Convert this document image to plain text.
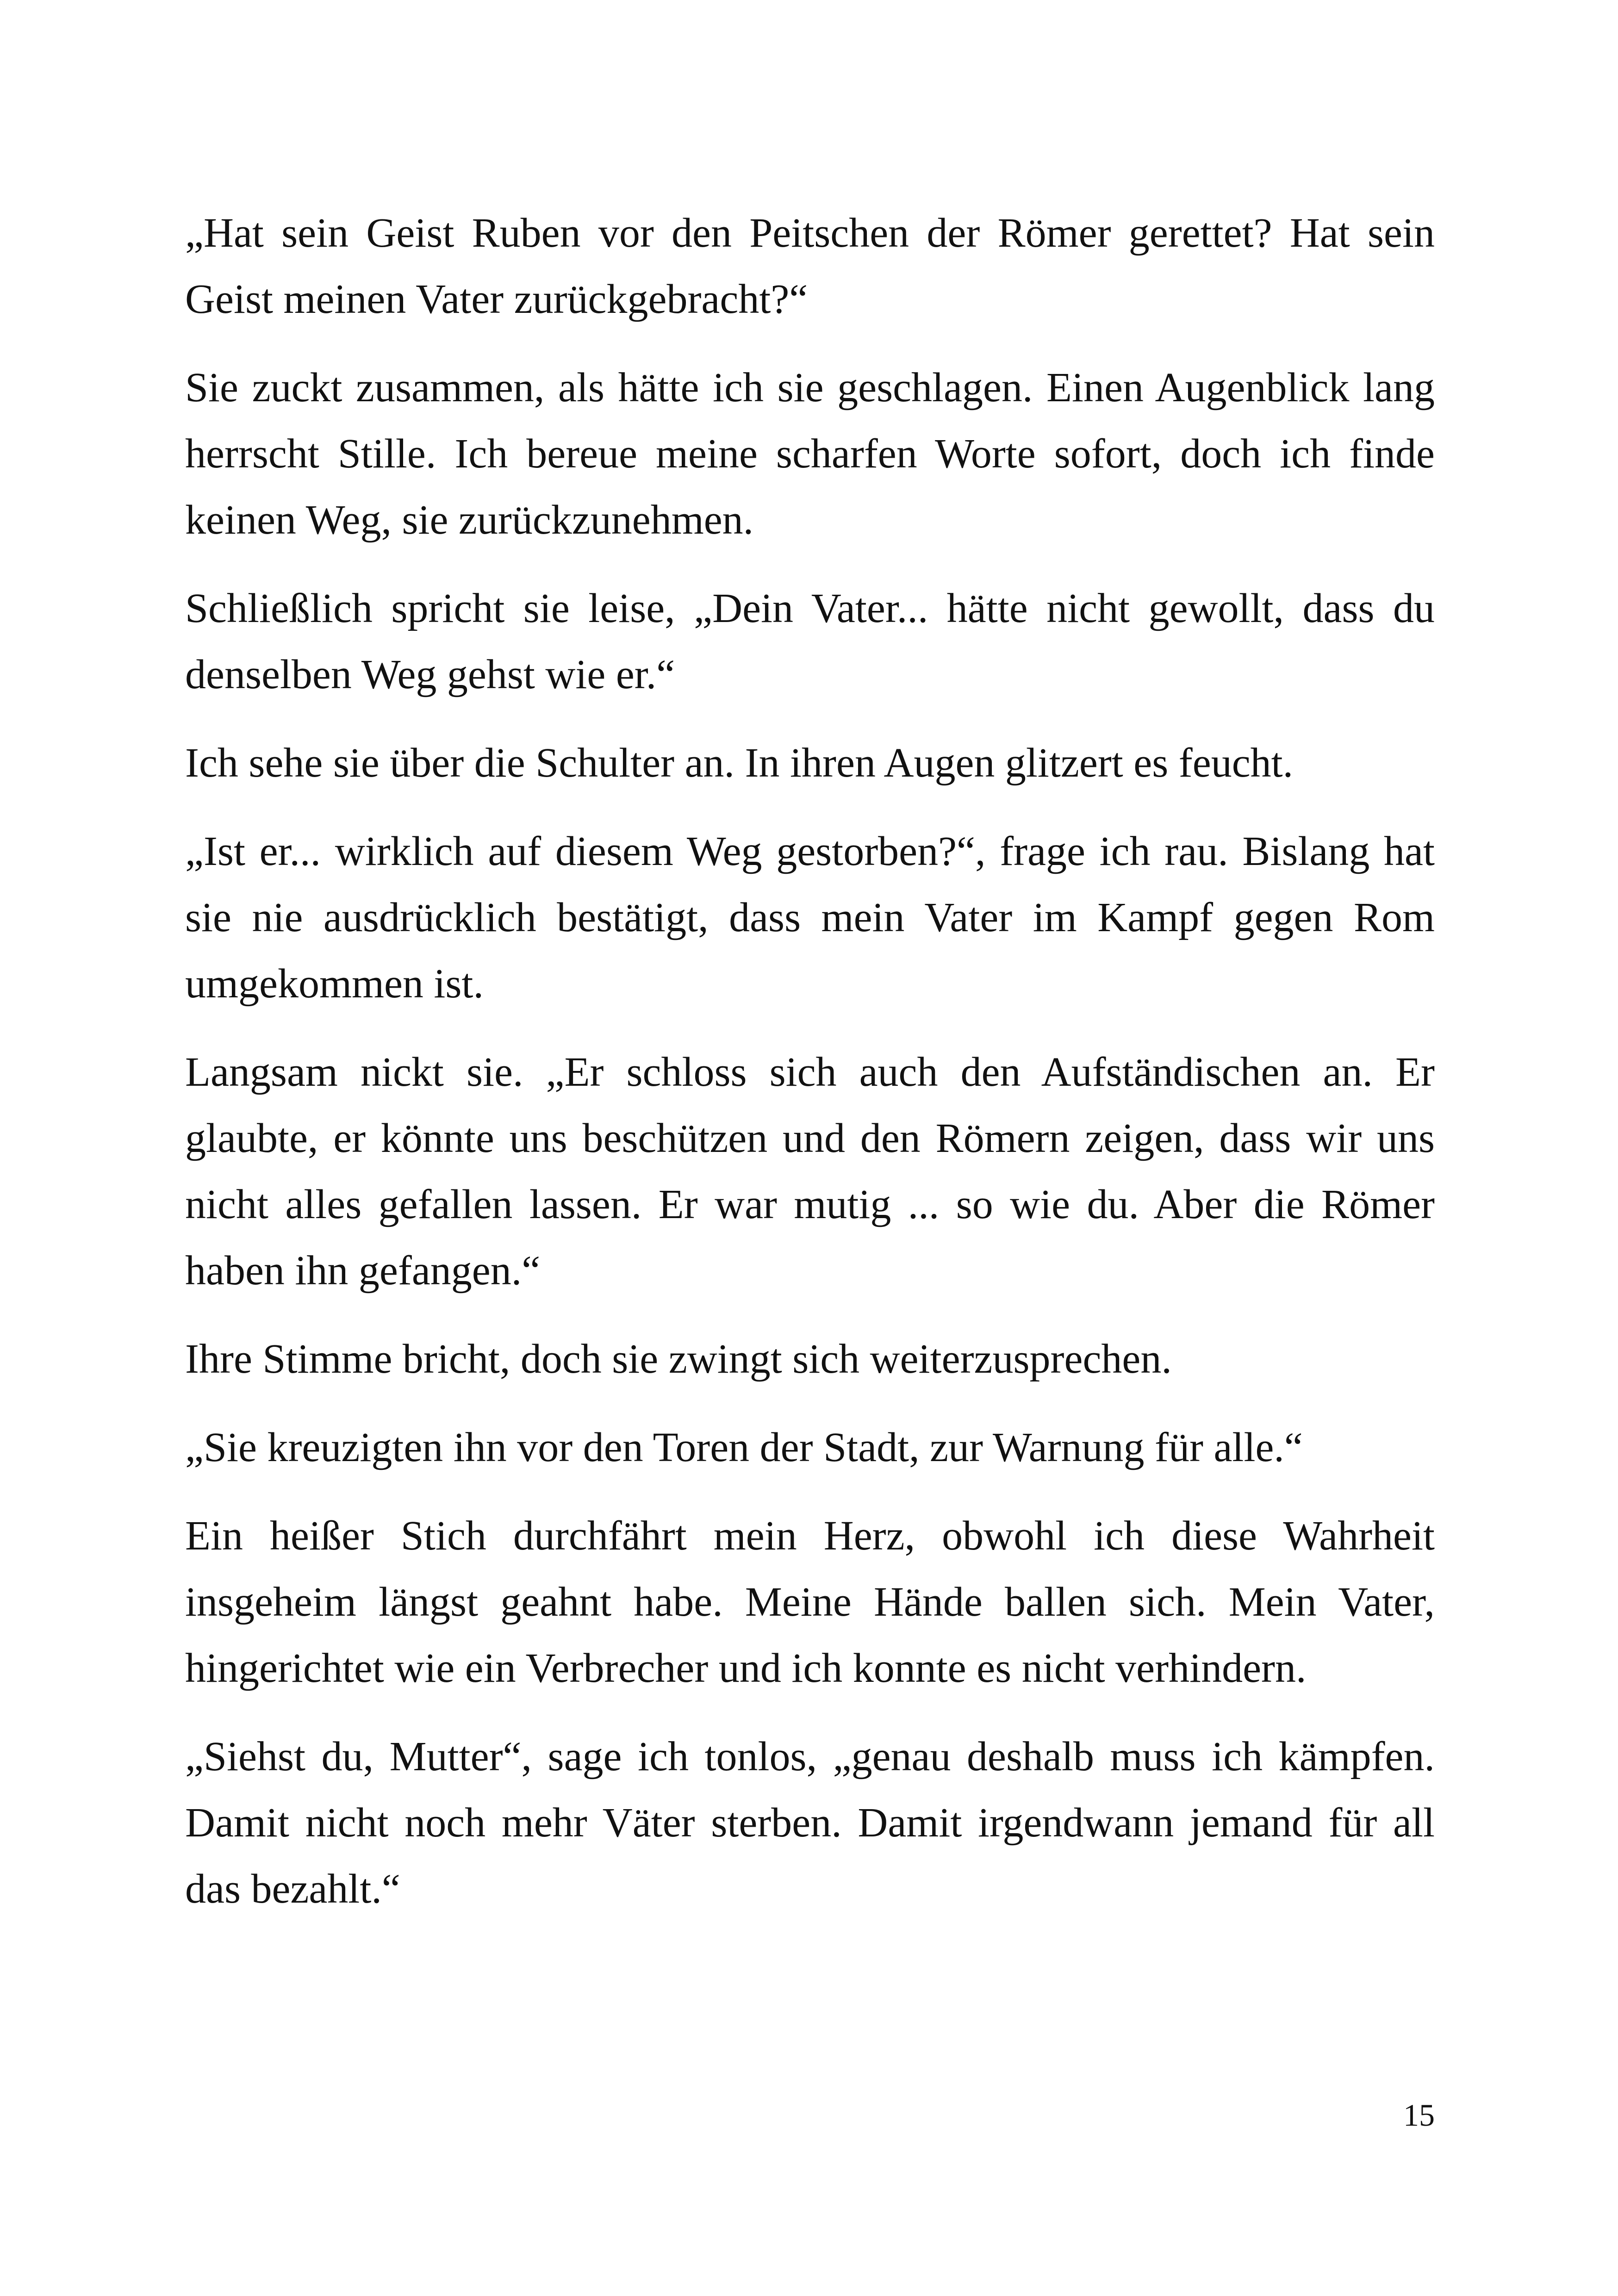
„Hat sein Geist Ruben vor den Peitschen der Römer gerettet? Hat sein Geist meinen Vater zurückgebracht?“

Sie zuckt zusammen, als hätte ich sie geschlagen. Einen Augenblick lang herrscht Stille. Ich bereue meine scharfen Worte sofort, doch ich finde keinen Weg, sie zurückzunehmen.

Schließlich spricht sie leise, „Dein Vater... hätte nicht gewollt, dass du denselben Weg gehst wie er.“

Ich sehe sie über die Schulter an. In ihren Augen glitzert es feucht.

„Ist er... wirklich auf diesem Weg gestorben?“, frage ich rau. Bislang hat sie nie ausdrücklich bestätigt, dass mein Vater im Kampf gegen Rom umgekommen ist.

Langsam nickt sie. „Er schloss sich auch den Aufständischen an. Er glaubte, er könnte uns beschützen und den Römern zeigen, dass wir uns nicht alles gefallen lassen. Er war mutig ... so wie du. Aber die Römer haben ihn gefangen.“

Ihre Stimme bricht, doch sie zwingt sich weiterzusprechen.

„Sie kreuzigten ihn vor den Toren der Stadt, zur Warnung für alle.“

Ein heißer Stich durchfährt mein Herz, obwohl ich diese Wahrheit insgeheim längst geahnt habe. Meine Hände ballen sich. Mein Vater, hingerichtet wie ein Verbrecher und ich konnte es nicht verhindern.

„Siehst du, Mutter“, sage ich tonlos, „genau deshalb muss ich kämpfen. Damit nicht noch mehr Väter sterben. Damit irgendwann jemand für all das bezahlt.“

15
